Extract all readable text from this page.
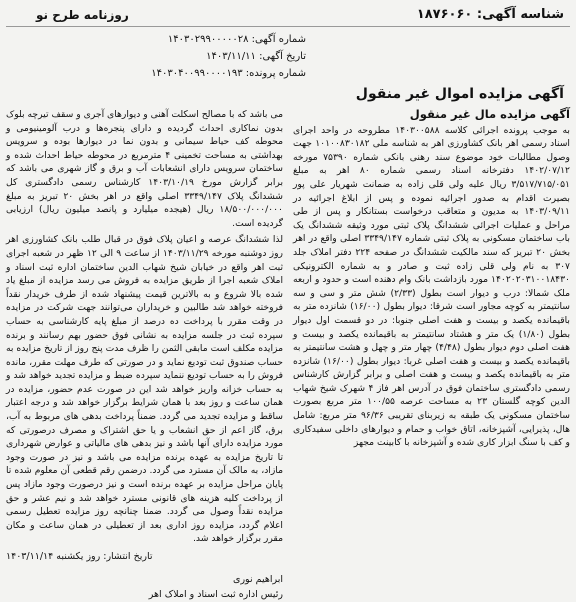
شناسه آگهی: ۱۸۷۶۰۶۰
روزنامه طرح نو
شماره آگهی: ۱۴۰۳۰۲۹۹۰۰۰۰۰۲۸
تاریخ آگهی: ۱۴۰۳/۱۱/۱۱
شماره پرونده: ۱۴۰۳۰۴۰۰۹۹۰۰۰۰۱۹۳
آگهی مزایده اموال غیر منقول
آگهی مزایده مال غیر منقول

به موجب پرونده اجرائی کلاسه ۱۴۰۳۰۰۵۸۸ مطروحه در واحد اجرای اسناد رسمی اهر بانک کشاورزی اهر به شناسه ملی ۱۰۱۰۰۸۳۰۱۸۲ جهت وصول مطالبات خود موضوع سند رهنی بانکی شماره ۷۵۳۹۰ مورخه ۱۴۰۲/۰۷/۱۲ دفترخانه اسناد رسمی شماره ۸۰ اهر به مبلغ ۳/۵۱۷/۷۱۵/۰۵۱ ریال علیه ولی قلی زاده به ضمانت شهریار علی پور بصیرت اقدام به صدور اجرائیه نموده و پس از ابلاغ اجرائیه در ۱۴۰۳/۰۹/۱۱ به مدیون و متعاقب درخواست بستانکار و پس از طی مراحل و عملیات اجرائی ششدانگ پلاک ثبتی مورد وثیقه ششدانگ یک باب ساختمان مسکونی به پلاک ثبتی شماره ۳۳۴۹/۱۴۷ اصلی واقع در اهر بخش ۲۰ تبریز که سند مالکیت ششدانگ در صفحه ۲۲۴ دفتر املاک جلد ۳۰۷ به نام ولی قلی زاده ثبت و صادر و به شماره الکترونیکی ۱۴۰۲۰۲۰۳۱۰۰۱۸۴۳۰ مورد بازداشت بانک وام دهنده است و حدود و اربعه ملک شمالا: درب و دیوار است بطول (۲/۳۳) شش متر و سی و سه سانتیمتر به کوچه مجاور است شرقا: دیوار بطول (۱۶/۰۰) شانزده متر به باقیمانده یکصد و بیست و هفت اصلی جنوبا: در دو قسمت اول دیوار بطول (۱/۸۰) یک متر و هشتاد سانتیمتر به باقیمانده یکصد و بیست و هفت اصلی دوم دیوار بطول (۴/۴۸) چهار متر و چهل و هشت سانتیمتر به باقیمانده یکصد و بیست و هفت اصلی غربا: دیوار بطول (۱۶/۰۰) شانزده متر به باقیمانده یکصد و بیست و هفت اصلی و برابر گزارش کارشناس رسمی دادگستری ساختمان فوق در آدرس اهر فاز ۴ شهرک شیخ شهاب الدین کوچه گلستان ۲۳ به مساحت عرصه ۱۰۰/۵۵ متر مربع بصورت ساختمان مسکونی یک طبقه به زیربنای تقریبی ۹۶/۳۶ متر مربع: شامل هال، پذیرایی، آشپزخانه، اتاق خواب و حمام و دیوارهای داخلی سفیدکاری و کف با سنگ ابزار کاری شده و آشپزخانه با کابینت مجهز

می باشد که با مصالح اسکلت آهنی و دیوارهای آجری و سقف تیرچه بلوک بدون نماکاری احداث گردیده و دارای پنجره‌ها و درب آلومینیومی و محوطه کف حیاط سیمانی و بدون نما در دیوارها بوده و سرویس بهداشتی به مساحت تخمینی ۴ مترمربع در محوطه حیاط احداث شده و ساختمان سرویس دارای انشعابات آب و برق و گاز شهری می باشد که برابر گزارش مورخ ۱۴۰۳/۱۰/۱۹ کارشناس رسمی دادگستری کل ششدانگ پلاک ۳۳۴۹/۱۴۷ اصلی واقع در اهر بخش ۲۰ تبریز به مبلغ ۱۸/۵۰۰/۰۰۰/۰۰۰ ریال (هیجده میلیارد و پانصد میلیون ریال) ارزیابی گردیده است.

لذا ششدانگ عرصه و اعیان پلاک فوق در قبال طلب بانک کشاورزی اهر روز دوشنبه مورخه ۱۴۰۳/۱۱/۲۹ از ساعت ۹ الی ۱۲ ظهر در شعبه اجرای ثبت اهر واقع در خیابان شیخ شهاب الدین ساختمان اداره ثبت اسناد و املاک شعبه اجرا از طریق مزایده به فروش می رسد مزایده از مبلغ یاد شده بالا شروع و به بالاترین قیمت پیشنهاد شده از طرف خریدار نقداً فروخته خواهد شد طالبین و خریداران می‌توانند جهت شرکت در مزایده در وقت مقرر با پرداخت ده درصد از مبلغ پایه کارشناسی به حساب سپرده ثبت در جلسه مزایده به نشانی فوق حضور بهم رسانند و برنده مزایده مکلف است مابقی الثمن را ظرف مدت پنج روز از تاریخ مزایده به حساب صندوق ثبت تودیع نماید و در صورتی که طرف مهلت مقرر، مانده فروش را به حساب تودیع ننماید سپرده ضبط و مزایده تجدید خواهد شد و به حساب خزانه واریز خواهد شد این در صورت عدم حضور، مزایده در همان ساعت و روز بعد با همان شرایط برگزار خواهد شد و درجه اعتبار ساقط و مزایده تجدید می گردد. ضمناً پرداخت بدهی های مربوط به آب، برق، گاز اعم از حق انشعاب و یا حق اشتراک و مصرف درصورتی که مورد مزایده دارای آنها باشد و نیز بدهی های مالیاتی و عوارض شهرداری تا تاریخ مزایده به عهده برنده مزایده می باشد و نیز در صورت وجود مازاد، به مالک آن مسترد می گردد. درضمن رقم قطعی آن معلوم شده تا پایان مراحل مزایده بر عهده برنده است و نیز درصورت وجود مازاد پس از پرداخت کلیه هزینه های قانونی مسترد خواهد شد و نیم عشر و حق مزایده نقداً وصول می گردد. ضمنا چنانچه روز مزایده تعطیل رسمی اعلام گردد، مزایده روز اداری بعد از تعطیلی در همان ساعت و مکان مقرر برگزار خواهد شد.

تاریخ انتشار: روز یکشنبه ۱۴۰۳/۱۱/۱۴
ابراهیم نوری
رئیس اداره ثبت اسناد و املاک اهر
